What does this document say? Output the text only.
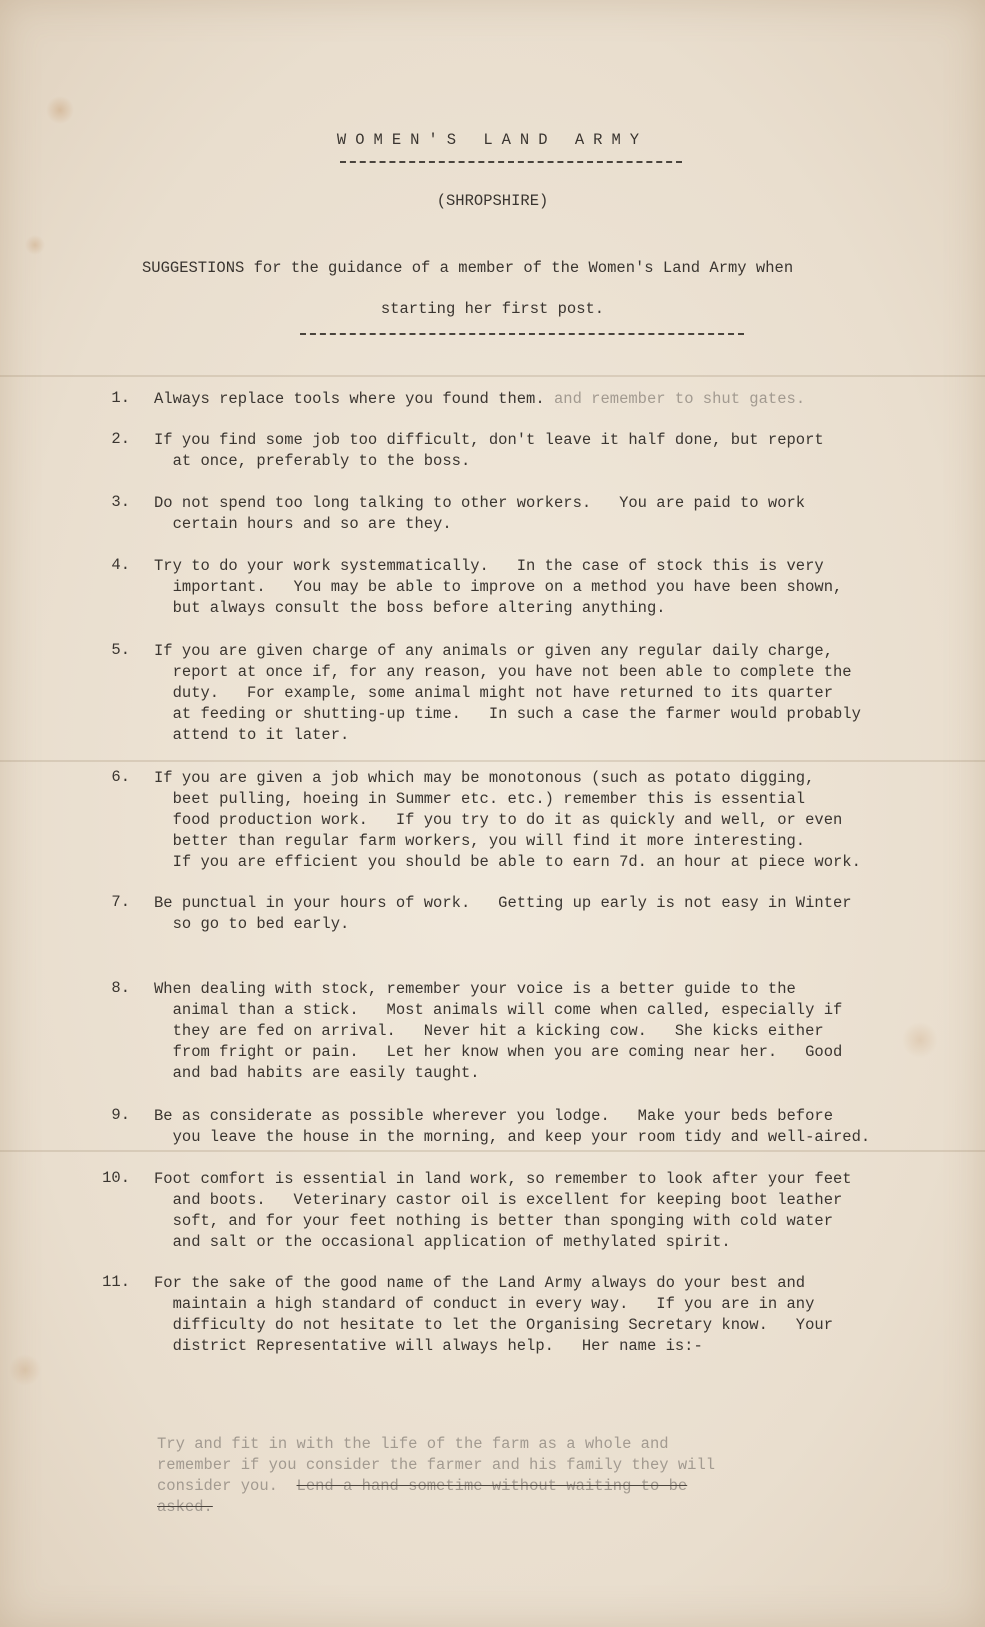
WOMEN'S LAND ARMY
(SHROPSHIRE)
SUGGESTIONS for the guidance of a member of the Women's Land Army when
starting her first post.
1. Always replace tools where you found them. and remember to shut gates.
2. If you find some job too difficult, don't leave it half done, but report
at once, preferably to the boss.
3. Do not spend too long talking to other workers.   You are paid to work
certain hours and so are they.
4. Try to do your work systemmatically.   In the case of stock this is very
important.   You may be able to improve on a method you have been shown,
but always consult the boss before altering anything.
5. If you are given charge of any animals or given any regular daily charge,
report at once if, for any reason, you have not been able to complete the
duty.   For example, some animal might not have returned to its quarter
at feeding or shutting-up time.   In such a case the farmer would probably
attend to it later.
6. If you are given a job which may be monotonous (such as potato digging,
beet pulling, hoeing in Summer etc. etc.) remember this is essential
food production work.   If you try to do it as quickly and well, or even
better than regular farm workers, you will find it more interesting.
If you are efficient you should be able to earn 7d. an hour at piece work.
7. Be punctual in your hours of work.   Getting up early is not easy in Winter
so go to bed early.
8. When dealing with stock, remember your voice is a better guide to the
animal than a stick.   Most animals will come when called, especially if
they are fed on arrival.   Never hit a kicking cow.   She kicks either
from fright or pain.   Let her know when you are coming near her.   Good
and bad habits are easily taught.
9. Be as considerate as possible wherever you lodge.   Make your beds before
you leave the house in the morning, and keep your room tidy and well-aired.
10. Foot comfort is essential in land work, so remember to look after your feet
and boots.   Veterinary castor oil is excellent for keeping boot leather
soft, and for your feet nothing is better than sponging with cold water
and salt or the occasional application of methylated spirit.
11. For the sake of the good name of the Land Army always do your best and
maintain a high standard of conduct in every way.   If you are in any
difficulty do not hesitate to let the Organising Secretary know.   Your
district Representative will always help.   Her name is:-
Try and fit in with the life of the farm as a whole and
remember if you consider the farmer and his family they will
consider you.  Lend a hand sometime without waiting to be
asked.
